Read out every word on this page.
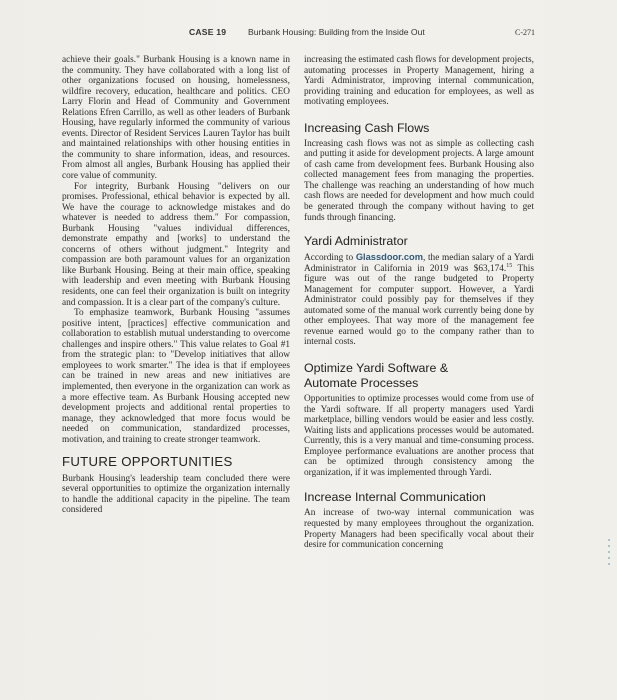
CASE 19	Burbank Housing: Building from the Inside Out	C-271

achieve their goals." Burbank Housing is a known name in the community. They have collaborated with a long list of other organizations focused on housing, homelessness, wildfire recovery, education, healthcare and politics. CEO Larry Florin and Head of Community and Government Relations Efren Carrillo, as well as other leaders of Burbank Housing, have regularly informed the community of various events. Director of Resident Services Lauren Taylor has built and maintained relationships with other housing entities in the community to share information, ideas, and resources. From almost all angles, Burbank Housing has applied their core value of community.

For integrity, Burbank Housing "delivers on our promises. Professional, ethical behavior is expected by all. We have the courage to acknowledge mistakes and do whatever is needed to address them." For compassion, Burbank Housing "values individual differences, demonstrate empathy and [works] to understand the concerns of others without judgment." Integrity and compassion are both paramount values for an organization like Burbank Housing. Being at their main office, speaking with leadership and even meeting with Burbank Housing residents, one can feel their organization is built on integrity and compassion. It is a clear part of the company's culture.

To emphasize teamwork, Burbank Housing "assumes positive intent, [practices] effective communication and collaboration to establish mutual understanding to overcome challenges and inspire others." This value relates to Goal #1 from the strategic plan: to "Develop initiatives that allow employees to work smarter." The idea is that if employees can be trained in new areas and new initiatives are implemented, then everyone in the organization can work as a more effective team. As Burbank Housing accepted new development projects and additional rental properties to manage, they acknowledged that more focus would be needed on communication, standardized processes, motivation, and training to create stronger teamwork.

FUTURE OPPORTUNITIES

Burbank Housing's leadership team concluded there were several opportunities to optimize the organization internally to handle the additional capacity in the pipeline. The team considered

increasing the estimated cash flows for development projects, automating processes in Property Management, hiring a Yardi Administrator, improving internal communication, providing training and education for employees, as well as motivating employees.

Increasing Cash Flows

Increasing cash flows was not as simple as collecting cash and putting it aside for development projects. A large amount of cash came from development fees. Burbank Housing also collected management fees from managing the properties. The challenge was reaching an understanding of how much cash flows are needed for development and how much could be generated through the company without having to get funds through financing.

Yardi Administrator

According to Glassdoor.com, the median salary of a Yardi Administrator in California in 2019 was $63,174.15 This figure was out of the range budgeted to Property Management for computer support. However, a Yardi Administrator could possibly pay for themselves if they automated some of the manual work currently being done by other employees. That way more of the management fee revenue earned would go to the company rather than to internal costs.

Optimize Yardi Software &
Automate Processes

Opportunities to optimize processes would come from use of the Yardi software. If all property managers used Yardi marketplace, billing vendors would be easier and less costly. Waiting lists and applications processes would be automated. Currently, this is a very manual and time-consuming process. Employee performance evaluations are another process that can be optimized through consistency among the organization, if it was implemented through Yardi.

Increase Internal Communication

An increase of two-way internal communication was requested by many employees throughout the organization. Property Managers had been specifically vocal about their desire for communication concerning
